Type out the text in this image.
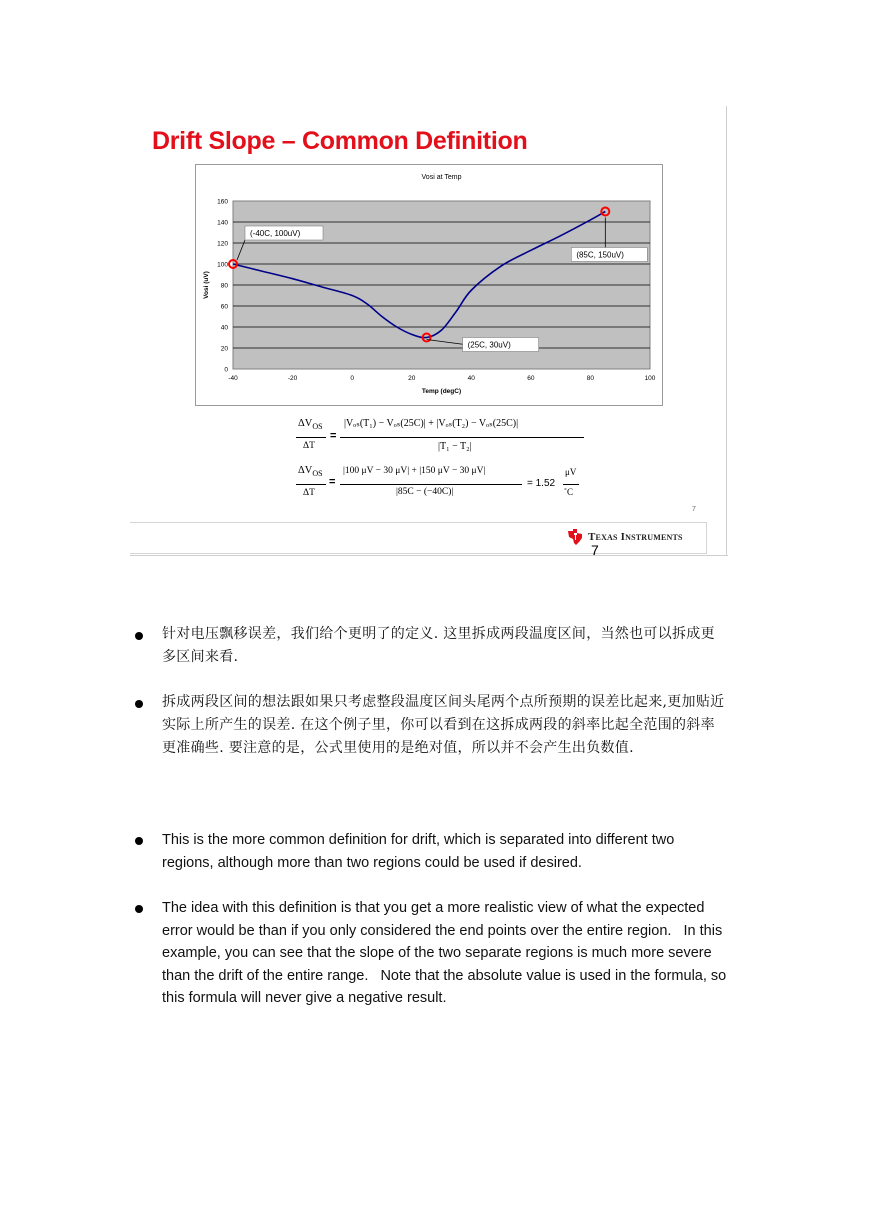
Drift Slope – Common Definition
Vosi at Temp
0
20
40
60
80
100
120
140
160
-40	-20	0	20	40	60	80	100
Temp (degC)
Vosi (uV)
(-40C, 100uV)
(85C, 150uV)
(25C, 30uV)
$\Delta V_{OS}$
ΔT
=
|Vₒₛ(T₁) − Vₒₛ(25C)| + |Vₒₛ(T₂) − Vₒₛ(25C)|
|T₁ − T₂|
$\Delta V_{OS}$
ΔT
=
|100 μV − 30 μV| + |150 μV − 30 μV|
|85C − (−40C)|
= 1.52
μV
˚C
7
Texas Instruments
7
针对电压飘移误差，我们给个更明了的定义. 这里拆成两段温度区间，当然也可以拆成更多区间来看.
拆成两段区间的想法跟如果只考虑整段温度区间头尾两个点所预期的误差比起来,更加贴近实际上所产生的误差. 在这个例子里，你可以看到在这拆成两段的斜率比起全范围的斜率更准确些. 要注意的是，公式里使用的是绝对值，所以并不会产生出负数值.
This is the more common definition for drift, which is separated into different two regions, although more than two regions could be used if desired.
The idea with this definition is that you get a more realistic view of what the expected error would be than if you only considered the end points over the entire region.   In this example, you can see that the slope of the two separate regions is much more severe than the drift of the entire range.   Note that the absolute value is used in the formula, so this formula will never give a negative result.
